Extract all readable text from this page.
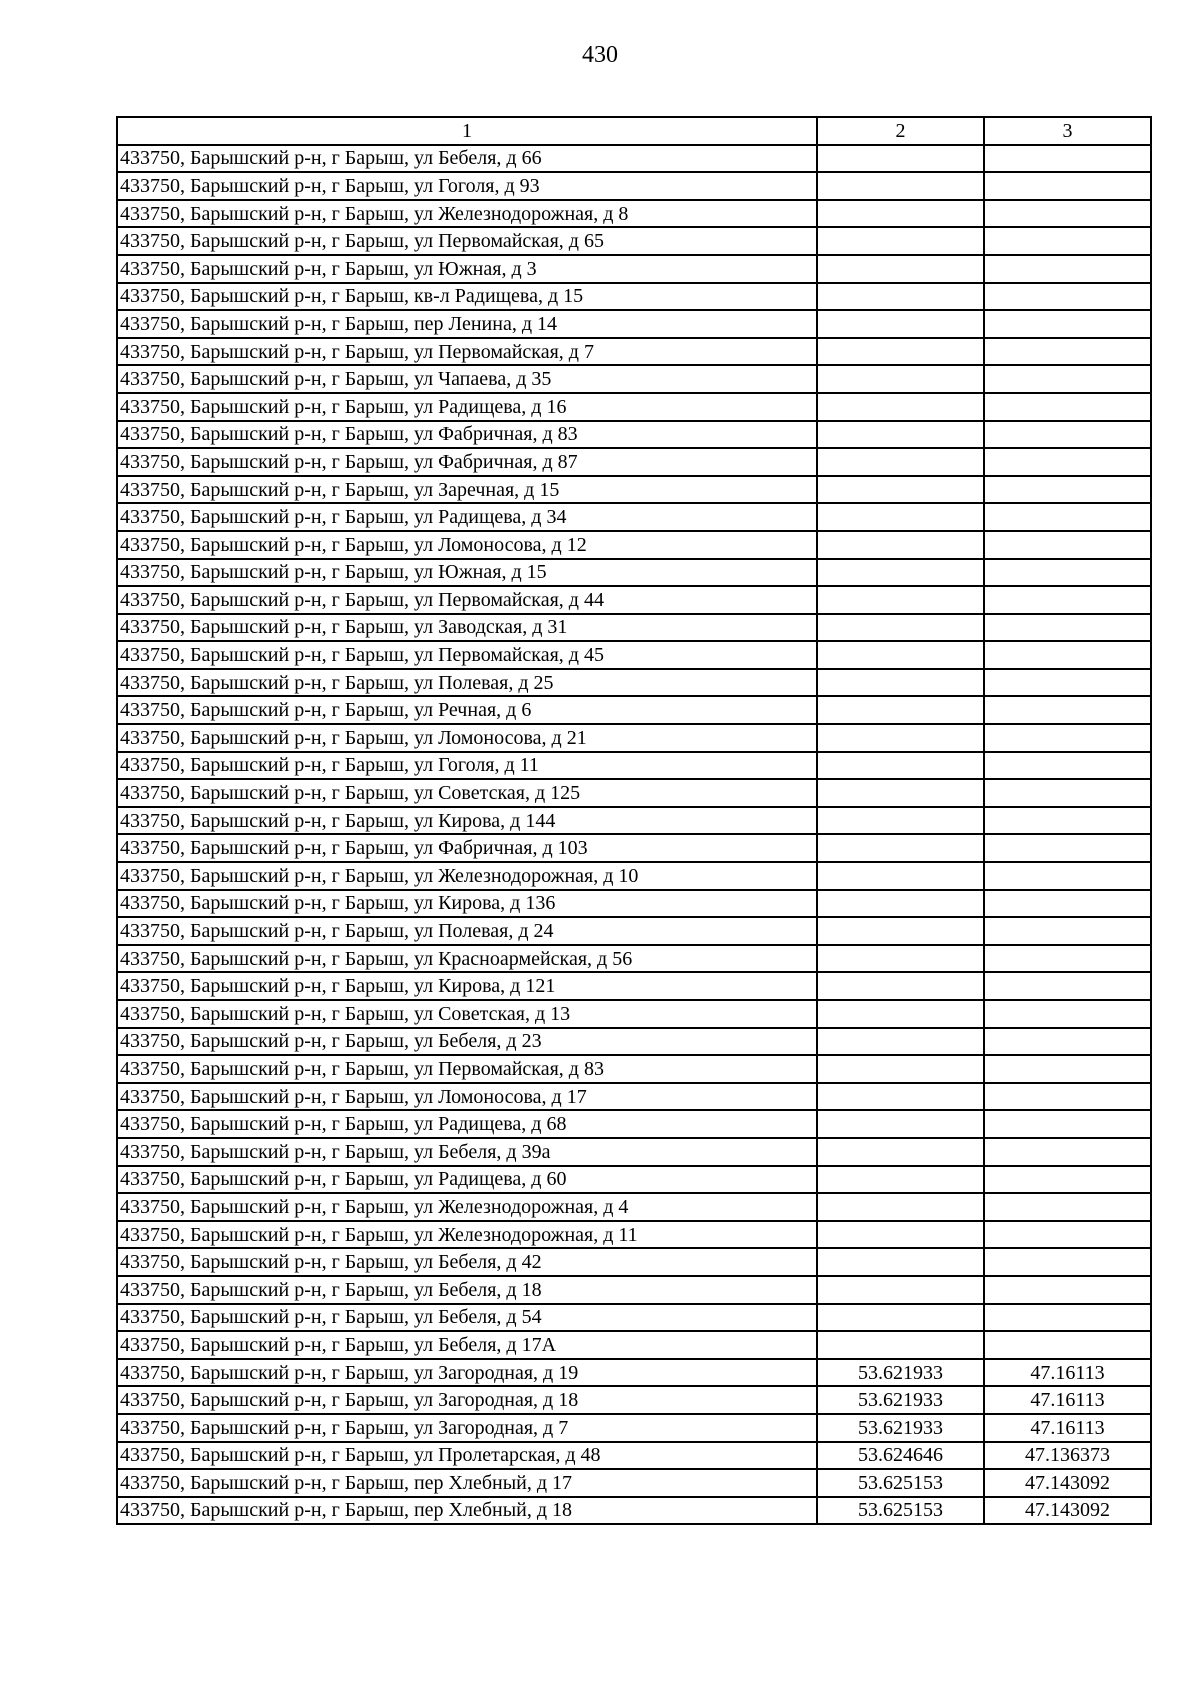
430
1	2	3
433750, Барышский р-н, г Барыш, ул Бебеля, д 66		
433750, Барышский р-н, г Барыш, ул Гоголя, д 93		
433750, Барышский р-н, г Барыш, ул Железнодорожная, д 8		
433750, Барышский р-н, г Барыш, ул Первомайская, д 65		
433750, Барышский р-н, г Барыш, ул Южная, д 3		
433750, Барышский р-н, г Барыш, кв-л Радищева, д 15		
433750, Барышский р-н, г Барыш, пер Ленина, д 14		
433750, Барышский р-н, г Барыш, ул Первомайская, д 7		
433750, Барышский р-н, г Барыш, ул Чапаева, д 35		
433750, Барышский р-н, г Барыш, ул Радищева, д 16		
433750, Барышский р-н, г Барыш, ул Фабричная, д 83		
433750, Барышский р-н, г Барыш, ул Фабричная, д 87		
433750, Барышский р-н, г Барыш, ул Заречная, д 15		
433750, Барышский р-н, г Барыш, ул Радищева, д 34		
433750, Барышский р-н, г Барыш, ул Ломоносова, д 12		
433750, Барышский р-н, г Барыш, ул Южная, д 15		
433750, Барышский р-н, г Барыш, ул Первомайская, д 44		
433750, Барышский р-н, г Барыш, ул Заводская, д 31		
433750, Барышский р-н, г Барыш, ул Первомайская, д 45		
433750, Барышский р-н, г Барыш, ул Полевая, д 25		
433750, Барышский р-н, г Барыш, ул Речная, д 6		
433750, Барышский р-н, г Барыш, ул Ломоносова, д 21		
433750, Барышский р-н, г Барыш, ул Гоголя, д 11		
433750, Барышский р-н, г Барыш, ул Советская, д 125		
433750, Барышский р-н, г Барыш, ул Кирова, д 144		
433750, Барышский р-н, г Барыш, ул Фабричная, д 103		
433750, Барышский р-н, г Барыш, ул Железнодорожная, д 10		
433750, Барышский р-н, г Барыш, ул Кирова, д 136		
433750, Барышский р-н, г Барыш, ул Полевая, д 24		
433750, Барышский р-н, г Барыш, ул Красноармейская, д 56		
433750, Барышский р-н, г Барыш, ул Кирова, д 121		
433750, Барышский р-н, г Барыш, ул Советская, д 13		
433750, Барышский р-н, г Барыш, ул Бебеля, д 23		
433750, Барышский р-н, г Барыш, ул Первомайская, д 83		
433750, Барышский р-н, г Барыш, ул Ломоносова, д 17		
433750, Барышский р-н, г Барыш, ул Радищева, д 68		
433750, Барышский р-н, г Барыш, ул Бебеля, д 39а		
433750, Барышский р-н, г Барыш, ул Радищева, д 60		
433750, Барышский р-н, г Барыш, ул Железнодорожная, д 4		
433750, Барышский р-н, г Барыш, ул Железнодорожная, д 11		
433750, Барышский р-н, г Барыш, ул Бебеля, д 42		
433750, Барышский р-н, г Барыш, ул Бебеля, д 18		
433750, Барышский р-н, г Барыш, ул Бебеля, д 54		
433750, Барышский р-н, г Барыш, ул Бебеля, д 17А		
433750, Барышский р-н, г Барыш, ул Загородная, д 19	53.621933	47.16113
433750, Барышский р-н, г Барыш, ул Загородная, д 18	53.621933	47.16113
433750, Барышский р-н, г Барыш, ул Загородная, д 7	53.621933	47.16113
433750, Барышский р-н, г Барыш, ул Пролетарская, д 48	53.624646	47.136373
433750, Барышский р-н, г Барыш, пер Хлебный, д 17	53.625153	47.143092
433750, Барышский р-н, г Барыш, пер Хлебный, д 18	53.625153	47.143092
